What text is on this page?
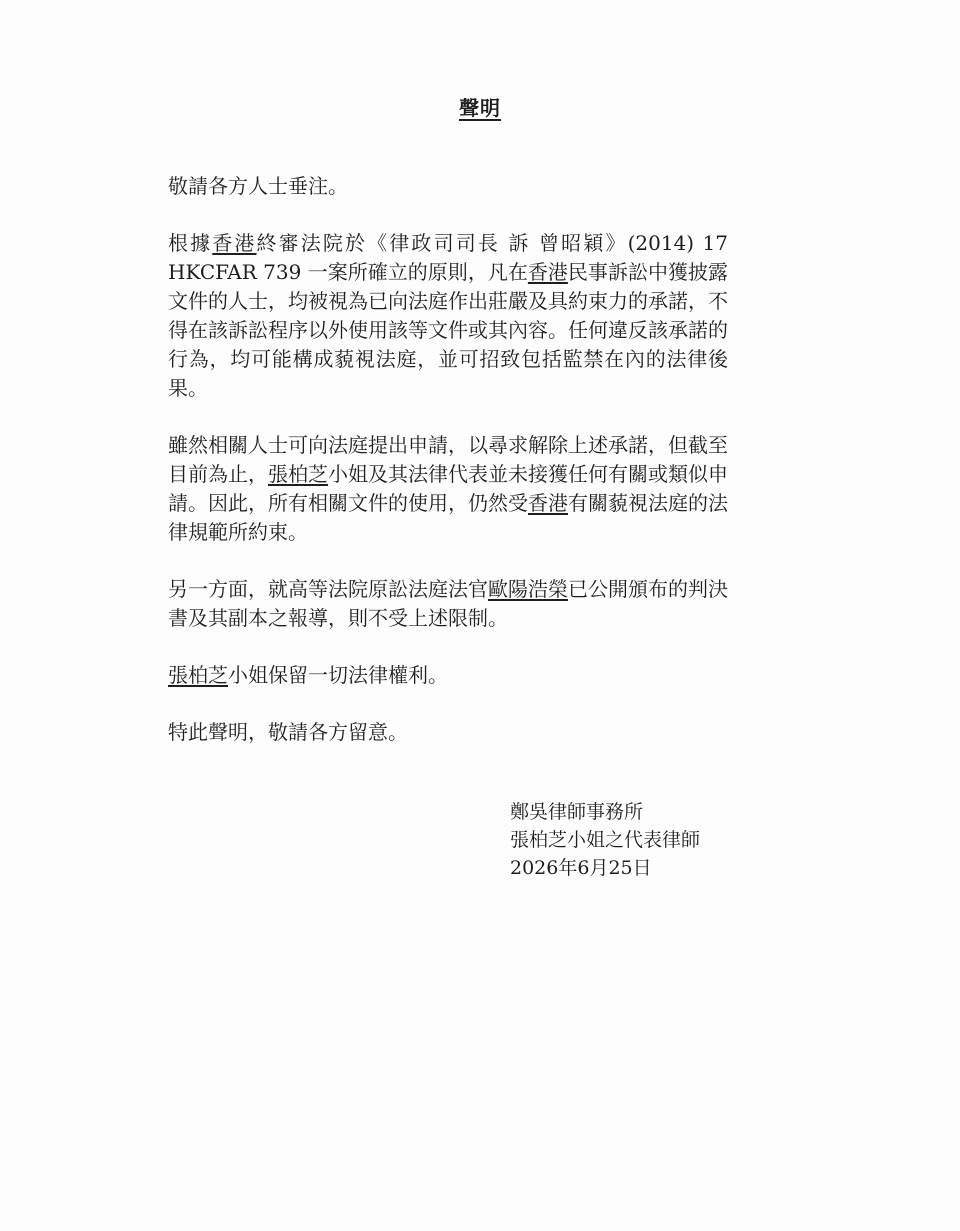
聲明

敬請各方人士垂注。

根據香港終審法院於《律政司司長 訴 曾昭穎》(2014) 17 HKCFAR 739 一案所確立的原則，凡在香港民事訴訟中獲披露文件的人士，均被視為已向法庭作出莊嚴及具約束力的承諾，不得在該訴訟程序以外使用該等文件或其內容。任何違反該承諾的行為，均可能構成藐視法庭，並可招致包括監禁在內的法律後果。

雖然相關人士可向法庭提出申請，以尋求解除上述承諾，但截至目前為止，張柏芝小姐及其法律代表並未接獲任何有關或類似申請。因此，所有相關文件的使用，仍然受香港有關藐視法庭的法律規範所約束。

另一方面，就高等法院原訟法庭法官歐陽浩榮已公開頒布的判決書及其副本之報導，則不受上述限制。

張柏芝小姐保留一切法律權利。

特此聲明，敬請各方留意。

鄭吳律師事務所
張柏芝小姐之代表律師
2026年6月25日
